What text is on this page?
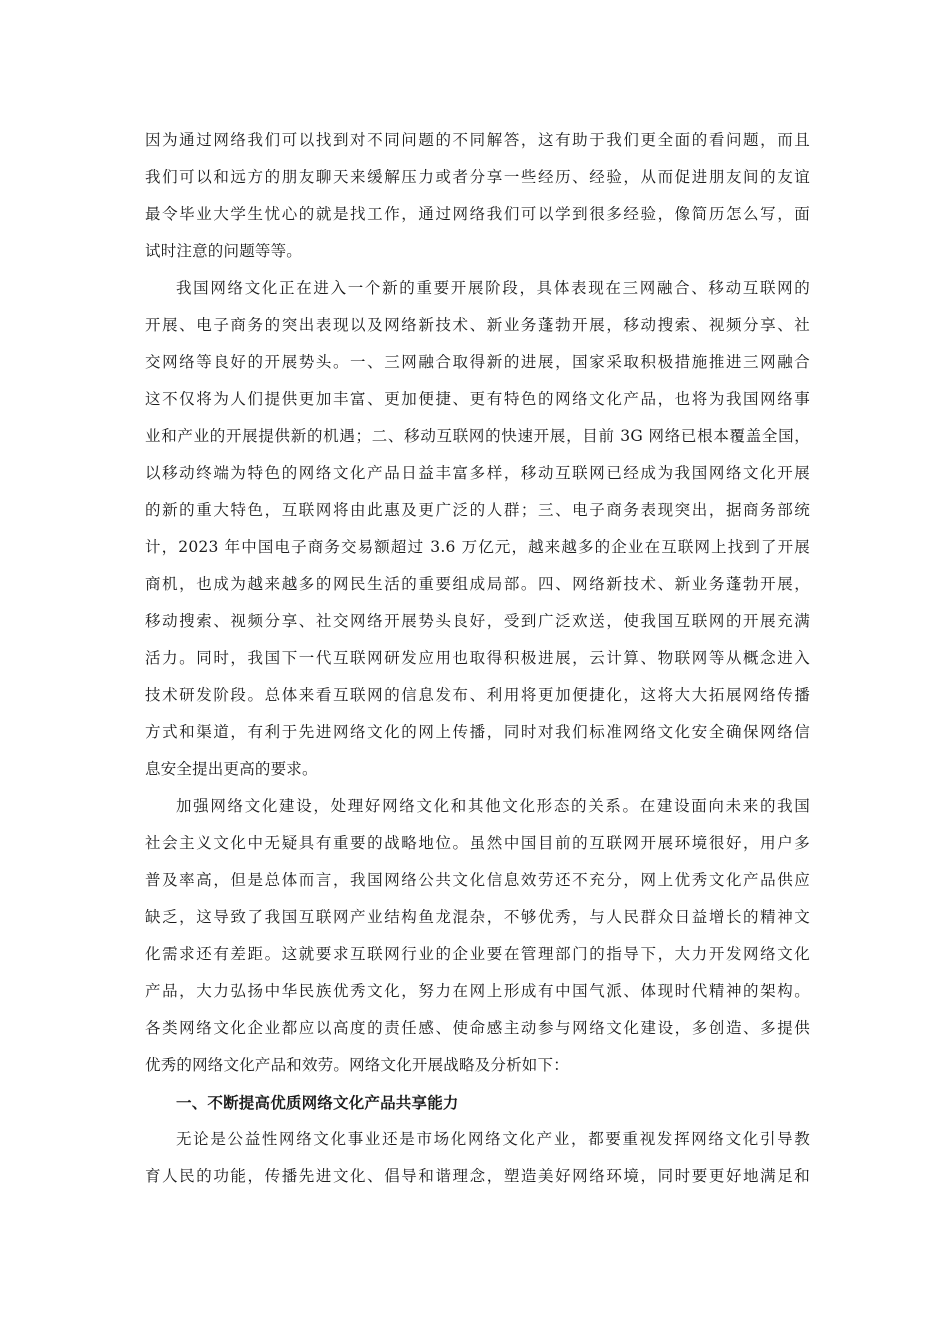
因为通过网络我们可以找到对不同问题的不同解答，这有助于我们更全面的看问题，而且
我们可以和远方的朋友聊天来缓解压力或者分享一些经历、经验，从而促进朋友间的友谊
最令毕业大学生忧心的就是找工作，通过网络我们可以学到很多经验，像简历怎么写，面
试时注意的问题等等。
我国网络文化正在进入一个新的重要开展阶段，具体表现在三网融合、移动互联网的
开展、电子商务的突出表现以及网络新技术、新业务蓬勃开展，移动搜索、视频分享、社
交网络等良好的开展势头。一、三网融合取得新的进展，国家采取积极措施推进三网融合
这不仅将为人们提供更加丰富、更加便捷、更有特色的网络文化产品，也将为我国网络事
业和产业的开展提供新的机遇；二、移动互联网的快速开展，目前 3G 网络已根本覆盖全国，
以移动终端为特色的网络文化产品日益丰富多样，移动互联网已经成为我国网络文化开展
的新的重大特色，互联网将由此惠及更广泛的人群；三、电子商务表现突出，据商务部统
计，2023 年中国电子商务交易额超过 3.6 万亿元，越来越多的企业在互联网上找到了开展
商机，也成为越来越多的网民生活的重要组成局部。四、网络新技术、新业务蓬勃开展，
移动搜索、视频分享、社交网络开展势头良好，受到广泛欢送，使我国互联网的开展充满
活力。同时，我国下一代互联网研发应用也取得积极进展，云计算、物联网等从概念进入
技术研发阶段。总体来看互联网的信息发布、利用将更加便捷化，这将大大拓展网络传播
方式和渠道，有利于先进网络文化的网上传播，同时对我们标准网络文化安全确保网络信
息安全提出更高的要求。
加强网络文化建设，处理好网络文化和其他文化形态的关系。在建设面向未来的我国
社会主义文化中无疑具有重要的战略地位。虽然中国目前的互联网开展环境很好，用户多
普及率高，但是总体而言，我国网络公共文化信息效劳还不充分，网上优秀文化产品供应
缺乏，这导致了我国互联网产业结构鱼龙混杂，不够优秀，与人民群众日益增长的精神文
化需求还有差距。这就要求互联网行业的企业要在管理部门的指导下，大力开发网络文化
产品，大力弘扬中华民族优秀文化，努力在网上形成有中国气派、体现时代精神的架构。
各类网络文化企业都应以高度的责任感、使命感主动参与网络文化建设，多创造、多提供
优秀的网络文化产品和效劳。网络文化开展战略及分析如下：
一、不断提高优质网络文化产品共享能力
无论是公益性网络文化事业还是市场化网络文化产业，都要重视发挥网络文化引导教
育人民的功能，传播先进文化、倡导和谐理念，塑造美好网络环境，同时要更好地满足和
